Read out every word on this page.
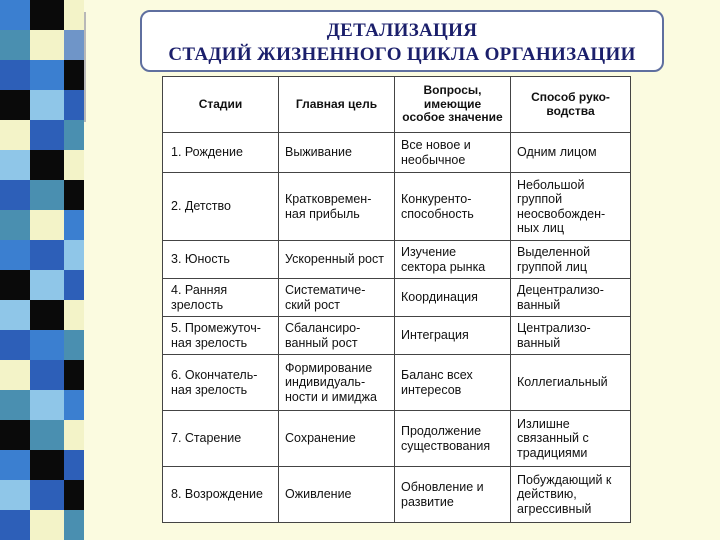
ДЕТАЛИЗАЦИЯ
СТАДИЙ ЖИЗНЕННОГО ЦИКЛА ОРГАНИЗАЦИИ
Стадии	Главная цель	Вопросы, имеющие особое значение	Способ руко-водства
1. Рождение	Выживание	Все новое и необычное	Одним лицом
2. Детство	Кратковремен-ная прибыль	Конкуренто-способность	Небольшой группой неосвобожден-ных лиц
3. Юность	Ускоренный рост	Изучение сектора рынка	Выделенной группой лиц
4. Ранняя зрелость	Систематиче-ский рост	Координация	Децентрализо-ванный
5. Промежуточ-ная зрелость	Сбалансиро-ванный рост	Интеграция	Централизо-ванный
6. Окончатель-ная зрелость	Формирование индивидуаль-ности и имиджа	Баланс всех интересов	Коллегиальный
7. Старение	Сохранение	Продолжение существования	Излишне связанный с традициями
8. Возрождение	Оживление	Обновление и развитие	Побуждающий к действию, агрессивный
